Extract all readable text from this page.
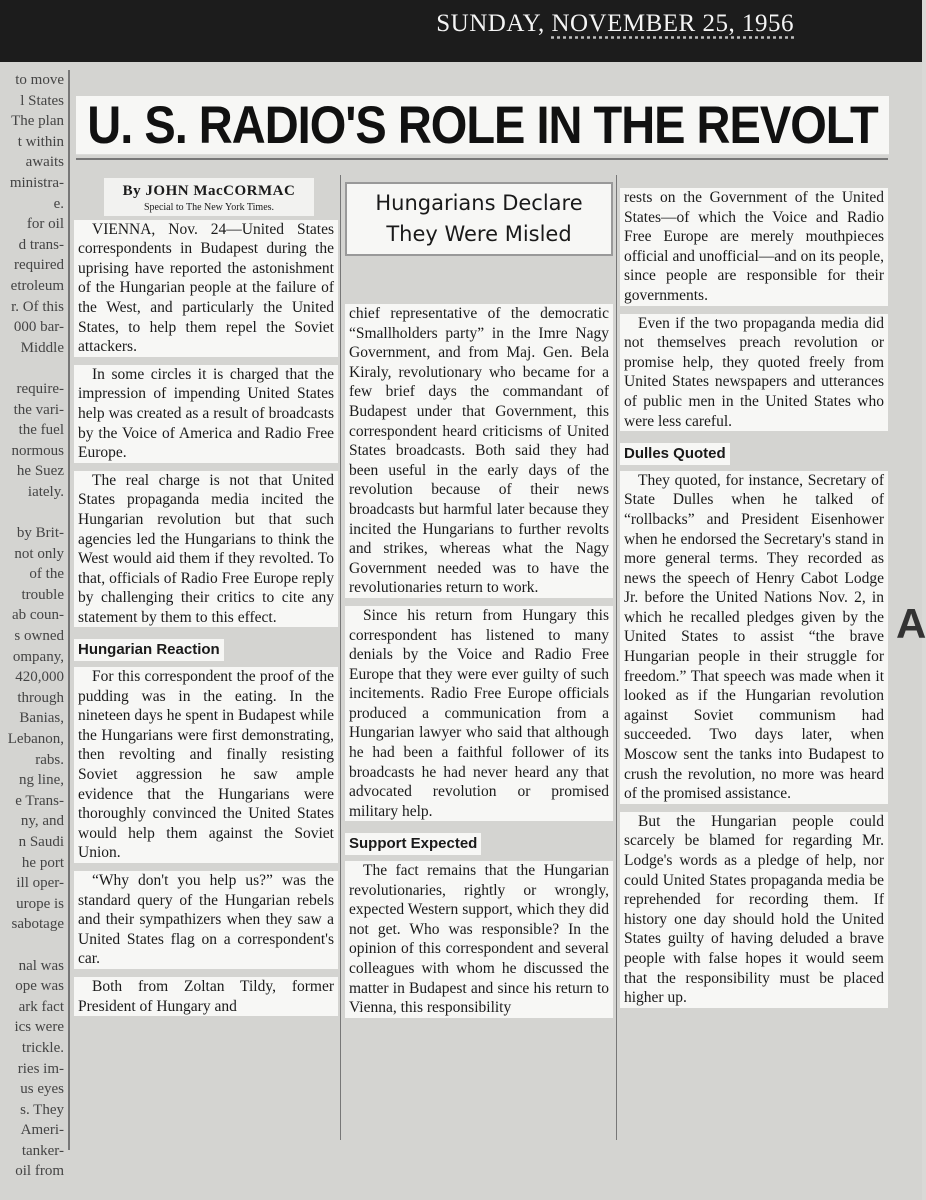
SUNDAY, NOVEMBER 25, 1956
to move
l States
The plan
t within
awaits
ministra-
e.
for oil
d trans-
required
etroleum
r. Of this
000 bar-
Middle

require-
the vari-
the fuel
normous
he Suez
iately.

by Brit-
not only
of the
trouble
ab coun-
s owned
ompany,
420,000
through
Banias,
Lebanon,
rabs.
ng line,
e Trans-
ny, and
n Saudi
he port
ill oper-
urope is
sabotage

nal was
ope was
ark fact
ics were
trickle.
ries im-
us eyes
s. They
Ameri-
tanker-
oil from
U. S. RADIO'S ROLE IN THE REVOLT
By JOHN MacCORMAC
Special to The New York Times.

VIENNA, Nov. 24—United States correspondents in Budapest during the uprising have reported the astonishment of the Hungarian people at the failure of the West, and particularly the United States, to help them repel the Soviet attackers.

In some circles it is charged that the impression of impending United States help was created as a result of broadcasts by the Voice of America and Radio Free Europe.

The real charge is not that United States propaganda media incited the Hungarian revolution but that such agencies led the Hungarians to think the West would aid them if they revolted. To that, officials of Radio Free Europe reply by challenging their critics to cite any statement by them to this effect.

Hungarian Reaction

For this correspondent the proof of the pudding was in the eating. In the nineteen days he spent in Budapest while the Hungarians were first demonstrating, then revolting and finally resisting Soviet aggression he saw ample evidence that the Hungarians were thoroughly convinced the United States would help them against the Soviet Union.

“Why don't you help us?” was the standard query of the Hungarian rebels and their sympathizers when they saw a United States flag on a correspondent's car.

Both from Zoltan Tildy, former President of Hungary and

Hungarians Declare They Were Misled

chief representative of the democratic “Smallholders party” in the Imre Nagy Government, and from Maj. Gen. Bela Kiraly, revolutionary who became for a few brief days the commandant of Budapest under that Government, this correspondent heard criticisms of United States broadcasts. Both said they had been useful in the early days of the revolution because of their news broadcasts but harmful later because they incited the Hungarians to further revolts and strikes, whereas what the Nagy Government needed was to have the revolutionaries return to work.

Since his return from Hungary this correspondent has listened to many denials by the Voice and Radio Free Europe that they were ever guilty of such incitements. Radio Free Europe officials produced a communication from a Hungarian lawyer who said that although he had been a faithful follower of its broadcasts he had never heard any that advocated revolution or promised military help.

Support Expected

The fact remains that the Hungarian revolutionaries, rightly or wrongly, expected Western support, which they did not get. Who was responsible? In the opinion of this correspondent and several colleagues with whom he discussed the matter in Budapest and since his return to Vienna, this responsibility

rests on the Government of the United States—of which the Voice and Radio Free Europe are merely mouthpieces official and unofficial—and on its people, since people are responsible for their governments.

Even if the two propaganda media did not themselves preach revolution or promise help, they quoted freely from United States newspapers and utterances of public men in the United States who were less careful.

Dulles Quoted

They quoted, for instance, Secretary of State Dulles when he talked of “rollbacks” and President Eisenhower when he endorsed the Secretary's stand in more general terms. They recorded as news the speech of Henry Cabot Lodge Jr. before the United Nations Nov. 2, in which he recalled pledges given by the United States to assist “the brave Hungarian people in their struggle for freedom.” That speech was made when it looked as if the Hungarian revolution against Soviet communism had succeeded. Two days later, when Moscow sent the tanks into Budapest to crush the revolution, no more was heard of the promised assistance.

But the Hungarian people could scarcely be blamed for regarding Mr. Lodge's words as a pledge of help, nor could United States propaganda media be reprehended for recording them. If history one day should hold the United States guilty of having deluded a brave people with false hopes it would seem that the responsibility must be placed higher up.

A
